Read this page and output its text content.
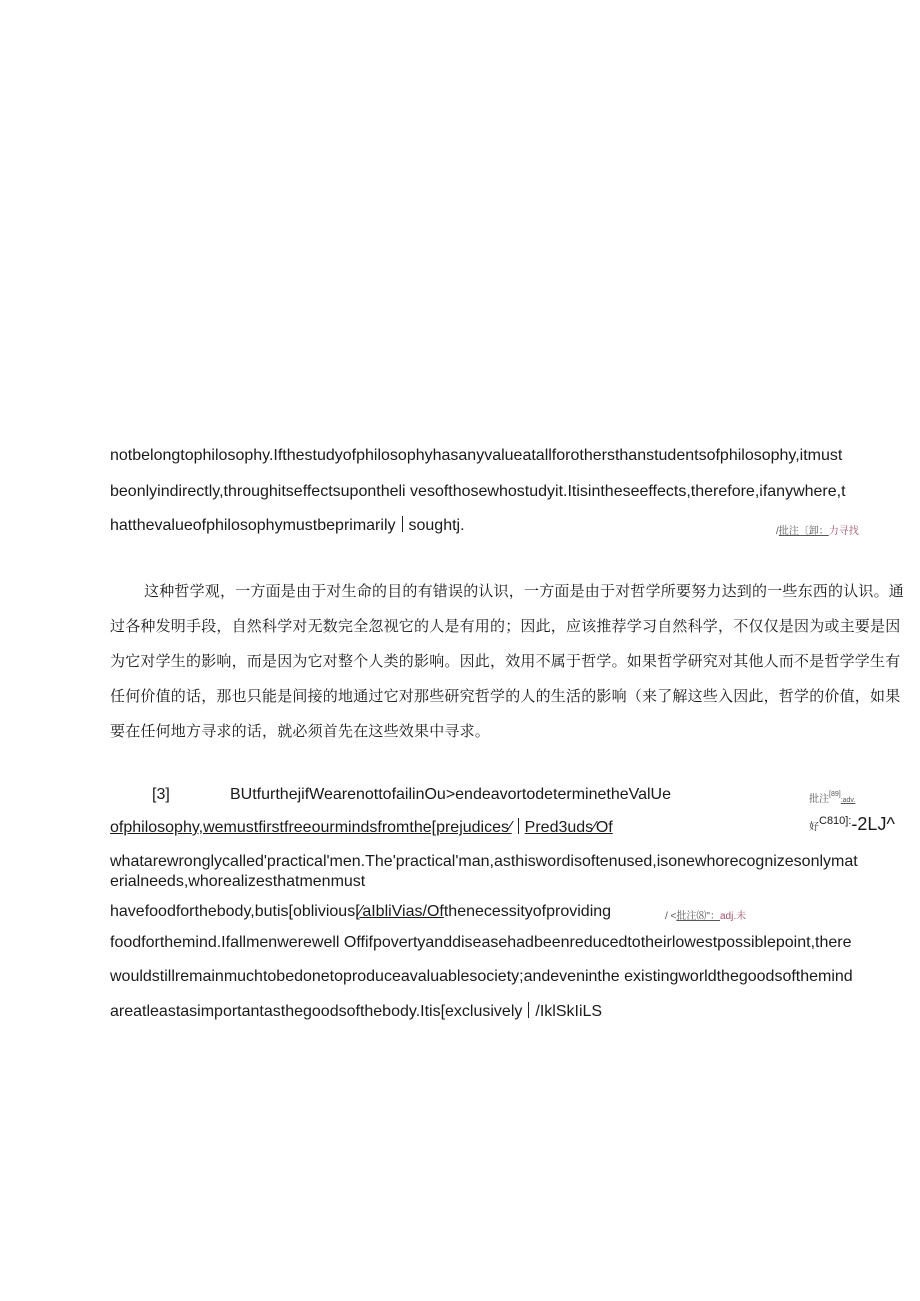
notbelongtophilosophy.Ifthestudyofphilosophyhasanyvalueatallforothersthanstudentsofphilosophy,itmust
beonlyindirectly,throughitseffectsupontheli vesofthosewhostudyit.Itisintheseeffects,therefore,ifanywhere,t
hatthevalueofphilosophymustbeprimarily soughtj.	/批注〔卸：力寻找
这种哲学观，一方面是由于对生命的目的有错误的认识，一方面是由于对哲学所要努力达到的一些东西的认识。通
过各种发明手段，自然科学对无数完全忽视它的人是有用的；因此，应该推荐学习自然科学，不仅仅是因为或主要是因
为它对学生的影响，而是因为它对整个人类的影响。因此，效用不属于哲学。如果哲学研究对其他人而不是哲学学生有
任何价值的话，那也只能是间接的地通过它对那些研究哲学的人的生活的影响（来了解这些入因此，哲学的价值，如果
要在任何地方寻求的话，就必须首先在这些效果中寻求。
[3]	BUtfurthejifWearenottofailinOu>endeavortodeterminetheValUe	批注[89]:adv.
ofphilosophy,wemustfirstfreeourmindsfromthe[prejudices⁄ Pred3uds⁄Of	好$^{C810]:}$-2LJ^
whatarewronglycalled'practical'men.The'practical'man,asthiswordisoftenused,isonewhorecognizesonlymat
erialneeds,whorealizesthatmenmust
havefoodforthebody,butis[oblivious[⁄aIbliVias/Ofthenecessityofproviding	/ <批注⑻"：adj.未
foodforthemind.Ifallmenwerewell Offifpovertyanddiseasehadbeenreducedtotheirlowestpossiblepoint,there
wouldstillremainmuchtobedonetoproduceavaluablesociety;andeveninthe existingworldthegoodsofthemind
areatleastasimportantasthegoodsofthebody.Itis[exclusively /IklSkIiLS
